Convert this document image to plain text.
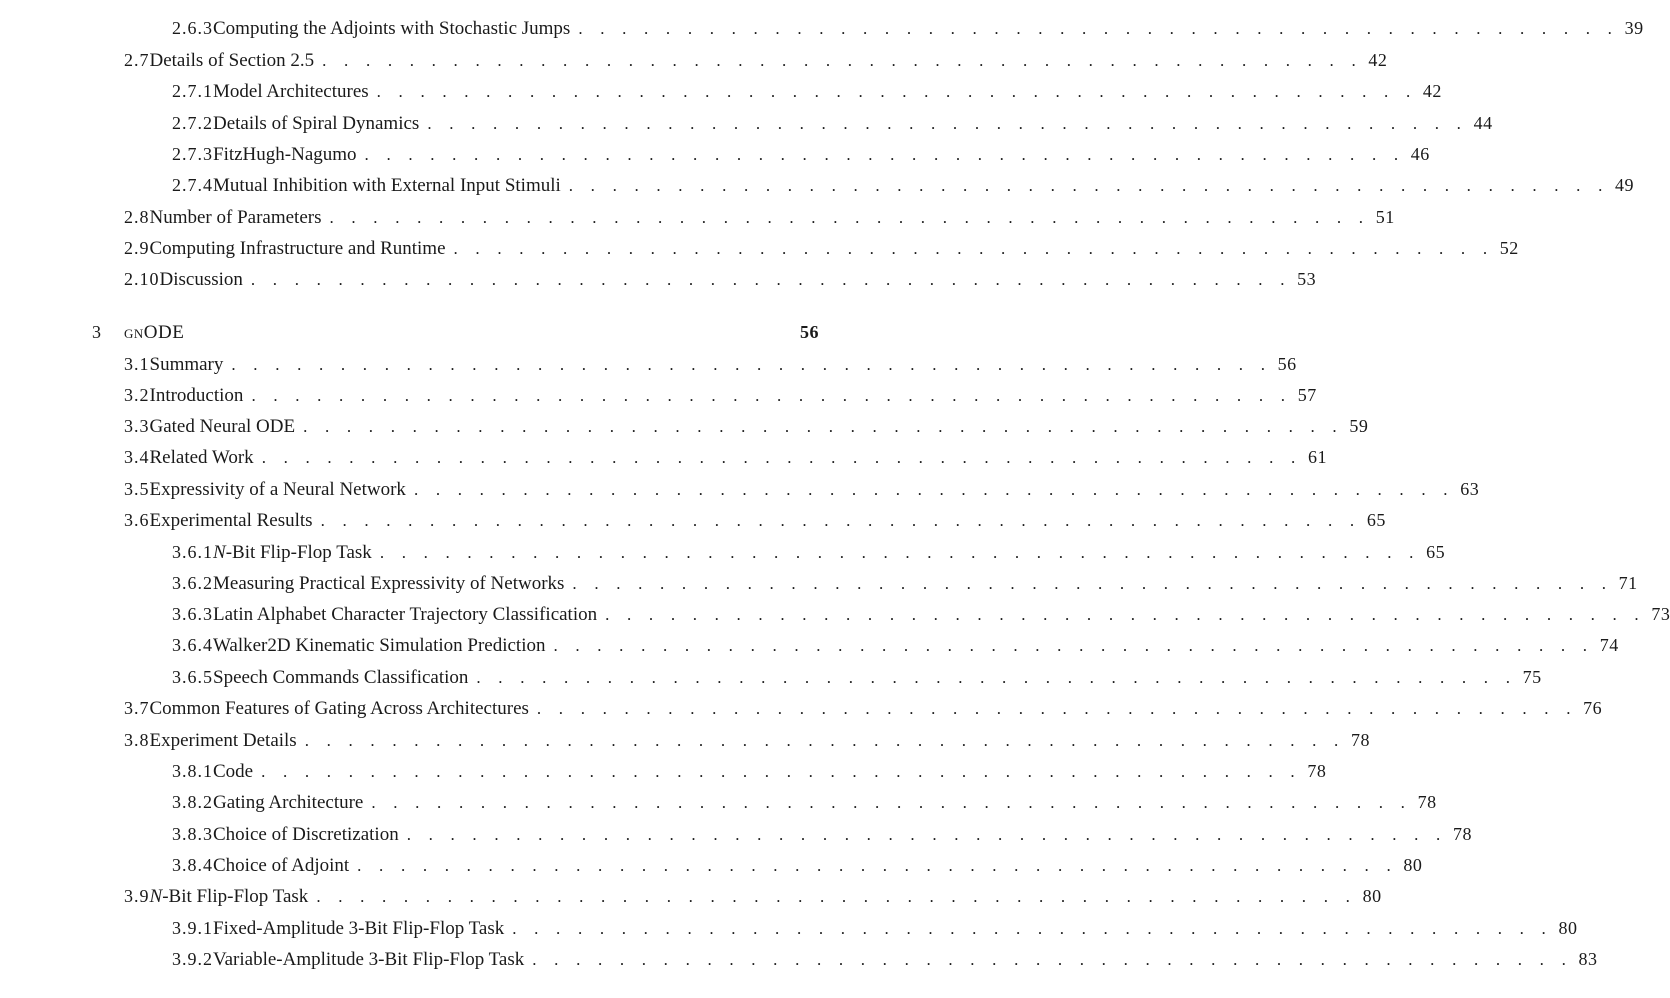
2.6.3 Computing the Adjoints with Stochastic Jumps . . . . . . . . . . . . . . . . . . . . . . . . . . . . . . . . . . . . . . . . . . . . . . . . 39
2.7 Details of Section 2.5 . . . . . . . . . . . . . . . . . . . . . . . . . . . . . . . . . . . . . . . . . . . . . . . . 42
2.7.1 Model Architectures . . . . . . . . . . . . . . . . . . . . . . . . . . . . . . . . . . . . . . . . . . . . . . . . 42
2.7.2 Details of Spiral Dynamics . . . . . . . . . . . . . . . . . . . . . . . . . . . . . . . . . . . . . . . . . . . . . . . . 44
2.7.3 FitzHugh-Nagumo . . . . . . . . . . . . . . . . . . . . . . . . . . . . . . . . . . . . . . . . . . . . . . . . 46
2.7.4 Mutual Inhibition with External Input Stimuli . . . . . . . . . . . . . . . . . . . . . . . . . . . . . . . . . . . . . . . . . . . . . . . . 49
2.8 Number of Parameters . . . . . . . . . . . . . . . . . . . . . . . . . . . . . . . . . . . . . . . . . . . . . . . . 51
2.9 Computing Infrastructure and Runtime . . . . . . . . . . . . . . . . . . . . . . . . . . . . . . . . . . . . . . . . . . . . . . . . 52
2.10 Discussion . . . . . . . . . . . . . . . . . . . . . . . . . . . . . . . . . . . . . . . . . . . . . . . . 53
3	gnODE	56
3.1 Summary . . . . . . . . . . . . . . . . . . . . . . . . . . . . . . . . . . . . . . . . . . . . . . . . 56
3.2 Introduction . . . . . . . . . . . . . . . . . . . . . . . . . . . . . . . . . . . . . . . . . . . . . . . . 57
3.3 Gated Neural ODE . . . . . . . . . . . . . . . . . . . . . . . . . . . . . . . . . . . . . . . . . . . . . . . . 59
3.4 Related Work . . . . . . . . . . . . . . . . . . . . . . . . . . . . . . . . . . . . . . . . . . . . . . . . 61
3.5 Expressivity of a Neural Network . . . . . . . . . . . . . . . . . . . . . . . . . . . . . . . . . . . . . . . . . . . . . . . . 63
3.6 Experimental Results . . . . . . . . . . . . . . . . . . . . . . . . . . . . . . . . . . . . . . . . . . . . . . . . 65
3.6.1 N-Bit Flip-Flop Task . . . . . . . . . . . . . . . . . . . . . . . . . . . . . . . . . . . . . . . . . . . . . . . . 65
3.6.2 Measuring Practical Expressivity of Networks . . . . . . . . . . . . . . . . . . . . . . . . . . . . . . . . . . . . . . . . . . . . . . . . 71
3.6.3 Latin Alphabet Character Trajectory Classification . . . . . . . . . . . . . . . . . . . . . . . . . . . . . . . . . . . . . . . . . . . . . . . . 73
3.6.4 Walker2D Kinematic Simulation Prediction . . . . . . . . . . . . . . . . . . . . . . . . . . . . . . . . . . . . . . . . . . . . . . . . 74
3.6.5 Speech Commands Classification . . . . . . . . . . . . . . . . . . . . . . . . . . . . . . . . . . . . . . . . . . . . . . . . 75
3.7 Common Features of Gating Across Architectures . . . . . . . . . . . . . . . . . . . . . . . . . . . . . . . . . . . . . . . . . . . . . . . . 76
3.8 Experiment Details . . . . . . . . . . . . . . . . . . . . . . . . . . . . . . . . . . . . . . . . . . . . . . . . 78
3.8.1 Code . . . . . . . . . . . . . . . . . . . . . . . . . . . . . . . . . . . . . . . . . . . . . . . . 78
3.8.2 Gating Architecture . . . . . . . . . . . . . . . . . . . . . . . . . . . . . . . . . . . . . . . . . . . . . . . . 78
3.8.3 Choice of Discretization . . . . . . . . . . . . . . . . . . . . . . . . . . . . . . . . . . . . . . . . . . . . . . . . 78
3.8.4 Choice of Adjoint . . . . . . . . . . . . . . . . . . . . . . . . . . . . . . . . . . . . . . . . . . . . . . . . 80
3.9 N-Bit Flip-Flop Task . . . . . . . . . . . . . . . . . . . . . . . . . . . . . . . . . . . . . . . . . . . . . . . . 80
3.9.1 Fixed-Amplitude 3-Bit Flip-Flop Task . . . . . . . . . . . . . . . . . . . . . . . . . . . . . . . . . . . . . . . . . . . . . . . . 80
3.9.2 Variable-Amplitude 3-Bit Flip-Flop Task . . . . . . . . . . . . . . . . . . . . . . . . . . . . . . . . . . . . . . . . . . . . . . . . 83
